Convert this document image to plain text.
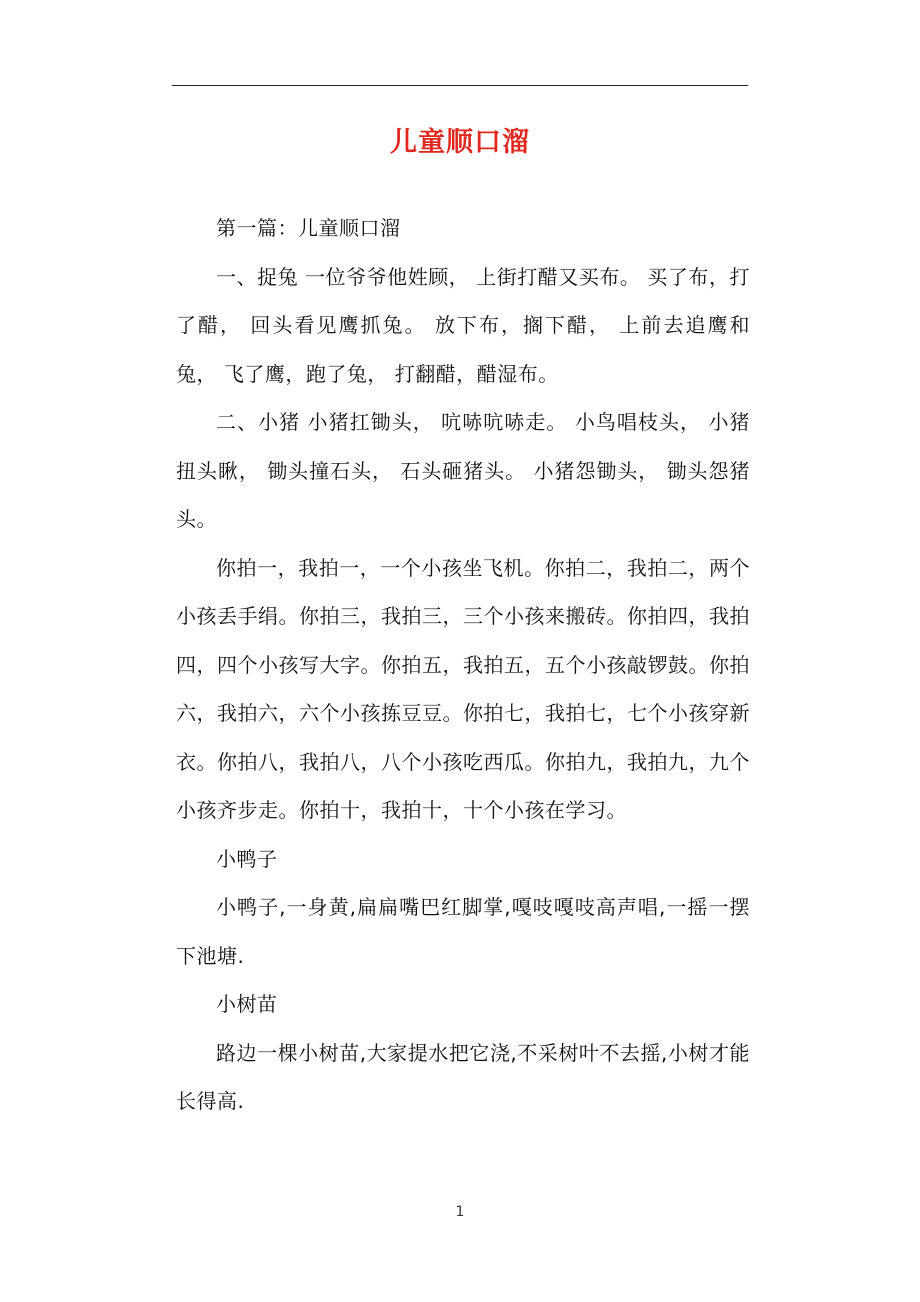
儿童顺口溜

第一篇：儿童顺口溜

一、捉兔 一位爷爷他姓顾， 上街打醋又买布。 买了布，打了醋， 回头看见鹰抓兔。 放下布，搁下醋， 上前去追鹰和兔， 飞了鹰，跑了兔， 打翻醋，醋湿布。

二、小猪 小猪扛锄头， 吭哧吭哧走。 小鸟唱枝头， 小猪扭头瞅， 锄头撞石头， 石头砸猪头。 小猪怨锄头， 锄头怨猪头。

你拍一，我拍一，一个小孩坐飞机。你拍二，我拍二，两个小孩丢手绢。你拍三，我拍三，三个小孩来搬砖。你拍四，我拍四，四个小孩写大字。你拍五，我拍五，五个小孩敲锣鼓。你拍六，我拍六，六个小孩拣豆豆。你拍七，我拍七，七个小孩穿新衣。你拍八，我拍八，八个小孩吃西瓜。你拍九，我拍九，九个小孩齐步走。你拍十，我拍十，十个小孩在学习。

小鸭子

小鸭子,一身黄,扁扁嘴巴红脚掌,嘎吱嘎吱高声唱,一摇一摆下池塘.

小树苗

路边一棵小树苗,大家提水把它浇,不采树叶不去摇,小树才能长得高.

1
